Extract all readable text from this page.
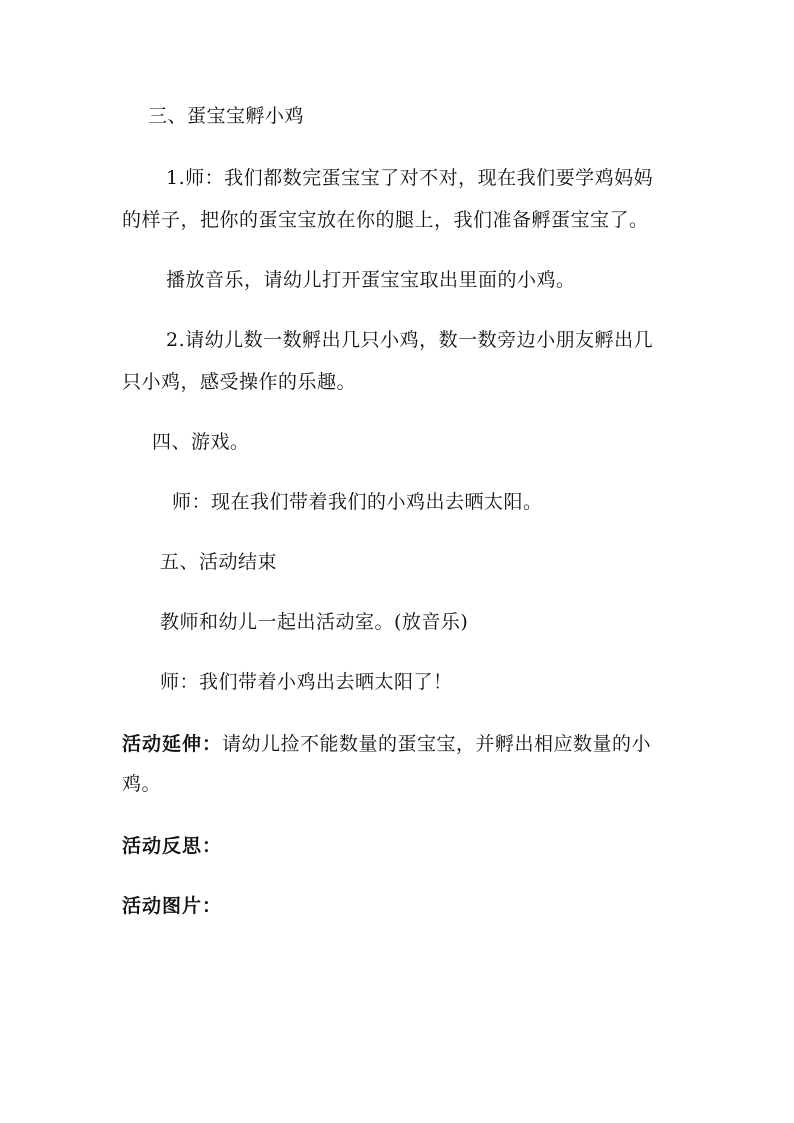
三、蛋宝宝孵小鸡
1.师：我们都数完蛋宝宝了对不对，现在我们要学鸡妈妈
的样子，把你的蛋宝宝放在你的腿上，我们准备孵蛋宝宝了。
播放音乐，请幼儿打开蛋宝宝取出里面的小鸡。
2.请幼儿数一数孵出几只小鸡，数一数旁边小朋友孵出几
只小鸡，感受操作的乐趣。
四、游戏。
师：现在我们带着我们的小鸡出去晒太阳。
五、活动结束
教师和幼儿一起出活动室。(放音乐)
师：我们带着小鸡出去晒太阳了！
活动延伸：请幼儿捡不能数量的蛋宝宝，并孵出相应数量的小
鸡。
活动反思：
活动图片：
